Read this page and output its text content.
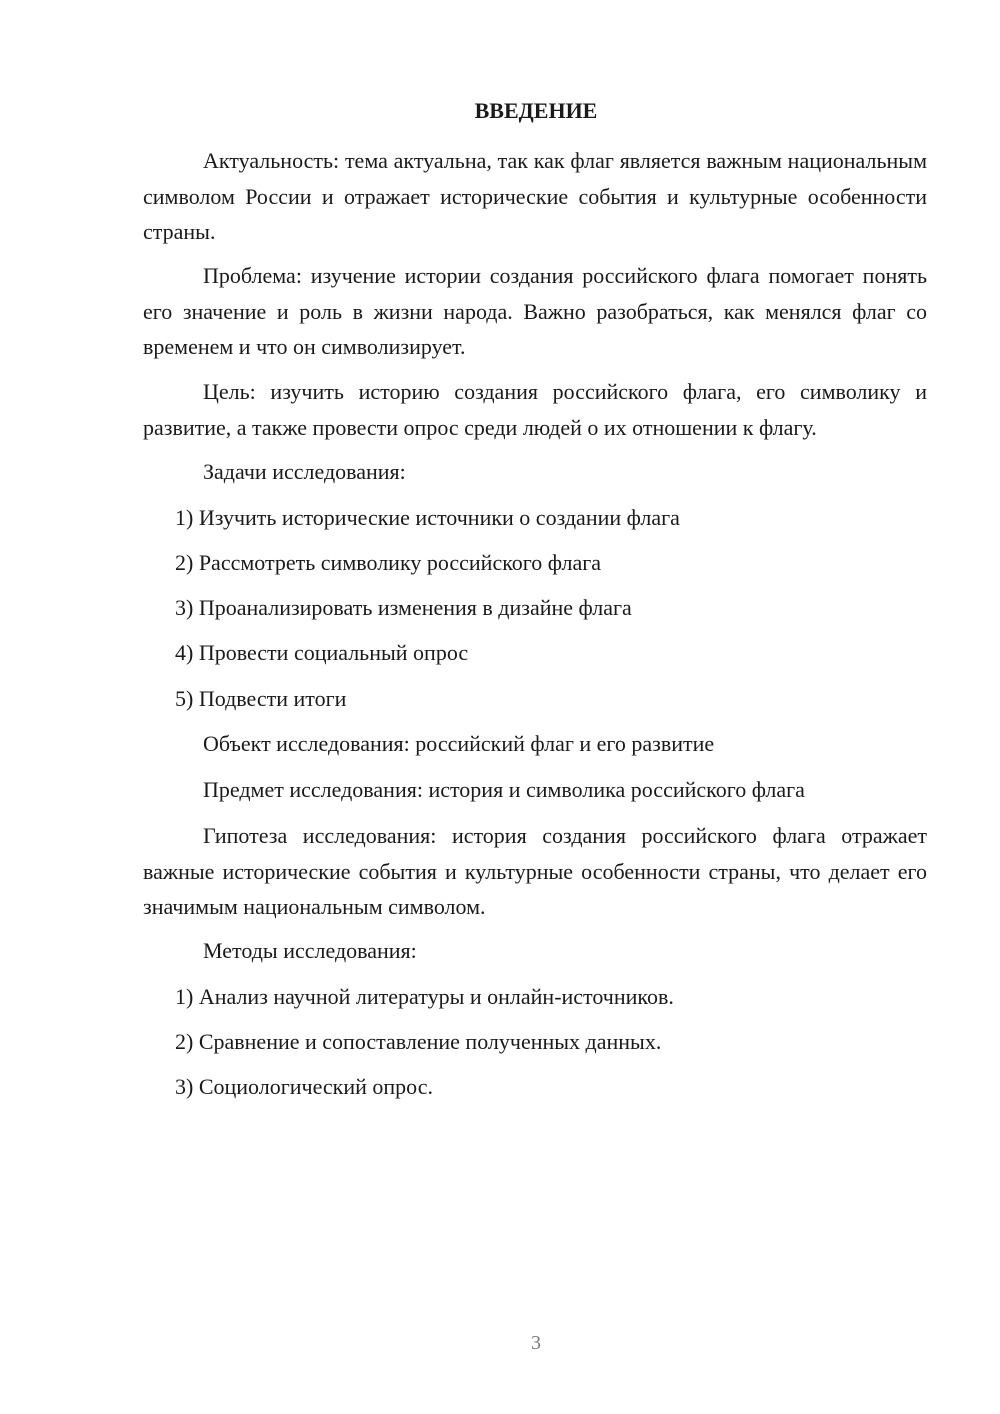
ВВЕДЕНИЕ

Актуальность: тема актуальна, так как флаг является важным национальным символом России и отражает исторические события и культурные особенности страны.

Проблема: изучение истории создания российского флага помогает понять его значение и роль в жизни народа. Важно разобраться, как менялся флаг со временем и что он символизирует.

Цель: изучить историю создания российского флага, его символику и развитие, а также провести опрос среди людей о их отношении к флагу.

Задачи исследования:
1) Изучить исторические источники о создании флага
2) Рассмотреть символику российского флага
3) Проанализировать изменения в дизайне флага
4) Провести социальный опрос
5) Подвести итоги
Объект исследования: российский флаг и его развитие
Предмет исследования: история и символика российского флага

Гипотеза исследования: история создания российского флага отражает важные исторические события и культурные особенности страны, что делает его значимым национальным символом.

Методы исследования:
1) Анализ научной литературы и онлайн-источников.
2) Сравнение и сопоставление полученных данных.
3) Социологический опрос.
3
